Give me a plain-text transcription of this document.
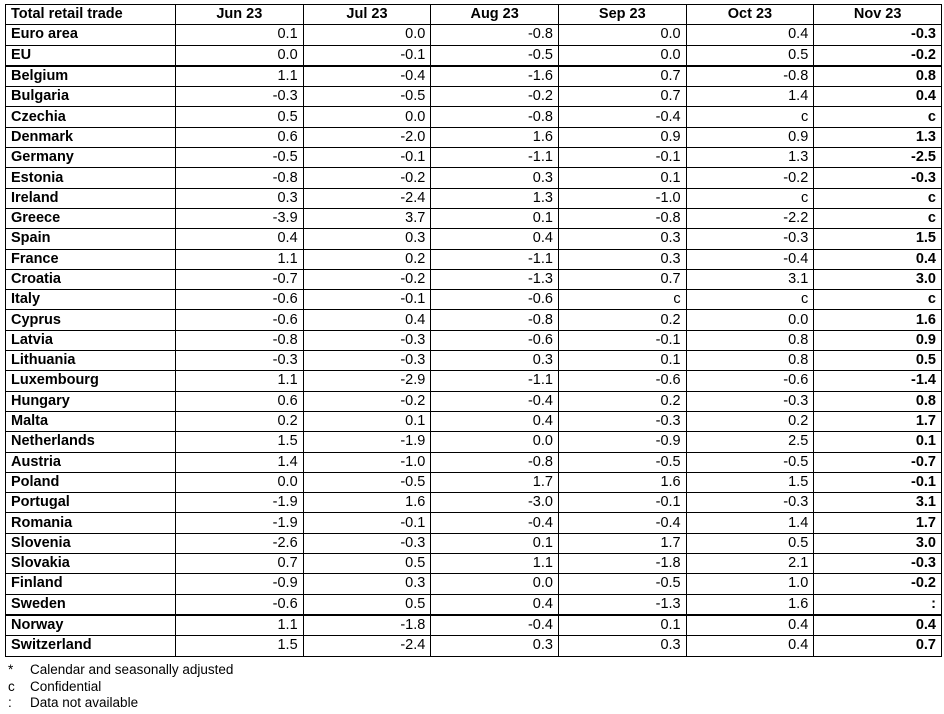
Total retail trade	Jun 23	Jul 23	Aug 23	Sep 23	Oct 23	Nov 23
Euro area	0.1	0.0	-0.8	0.0	0.4	-0.3
EU	0.0	-0.1	-0.5	0.0	0.5	-0.2
Belgium	1.1	-0.4	-1.6	0.7	-0.8	0.8
Bulgaria	-0.3	-0.5	-0.2	0.7	1.4	0.4
Czechia	0.5	0.0	-0.8	-0.4	c	c
Denmark	0.6	-2.0	1.6	0.9	0.9	1.3
Germany	-0.5	-0.1	-1.1	-0.1	1.3	-2.5
Estonia	-0.8	-0.2	0.3	0.1	-0.2	-0.3
Ireland	0.3	-2.4	1.3	-1.0	c	c
Greece	-3.9	3.7	0.1	-0.8	-2.2	c
Spain	0.4	0.3	0.4	0.3	-0.3	1.5
France	1.1	0.2	-1.1	0.3	-0.4	0.4
Croatia	-0.7	-0.2	-1.3	0.7	3.1	3.0
Italy	-0.6	-0.1	-0.6	c	c	c
Cyprus	-0.6	0.4	-0.8	0.2	0.0	1.6
Latvia	-0.8	-0.3	-0.6	-0.1	0.8	0.9
Lithuania	-0.3	-0.3	0.3	0.1	0.8	0.5
Luxembourg	1.1	-2.9	-1.1	-0.6	-0.6	-1.4
Hungary	0.6	-0.2	-0.4	0.2	-0.3	0.8
Malta	0.2	0.1	0.4	-0.3	0.2	1.7
Netherlands	1.5	-1.9	0.0	-0.9	2.5	0.1
Austria	1.4	-1.0	-0.8	-0.5	-0.5	-0.7
Poland	0.0	-0.5	1.7	1.6	1.5	-0.1
Portugal	-1.9	1.6	-3.0	-0.1	-0.3	3.1
Romania	-1.9	-0.1	-0.4	-0.4	1.4	1.7
Slovenia	-2.6	-0.3	0.1	1.7	0.5	3.0
Slovakia	0.7	0.5	1.1	-1.8	2.1	-0.3
Finland	-0.9	0.3	0.0	-0.5	1.0	-0.2
Sweden	-0.6	0.5	0.4	-1.3	1.6	:
Norway	1.1	-1.8	-0.4	0.1	0.4	0.4
Switzerland	1.5	-2.4	0.3	0.3	0.4	0.7
*	Calendar and seasonally adjusted
c	Confidential
:	Data not available
